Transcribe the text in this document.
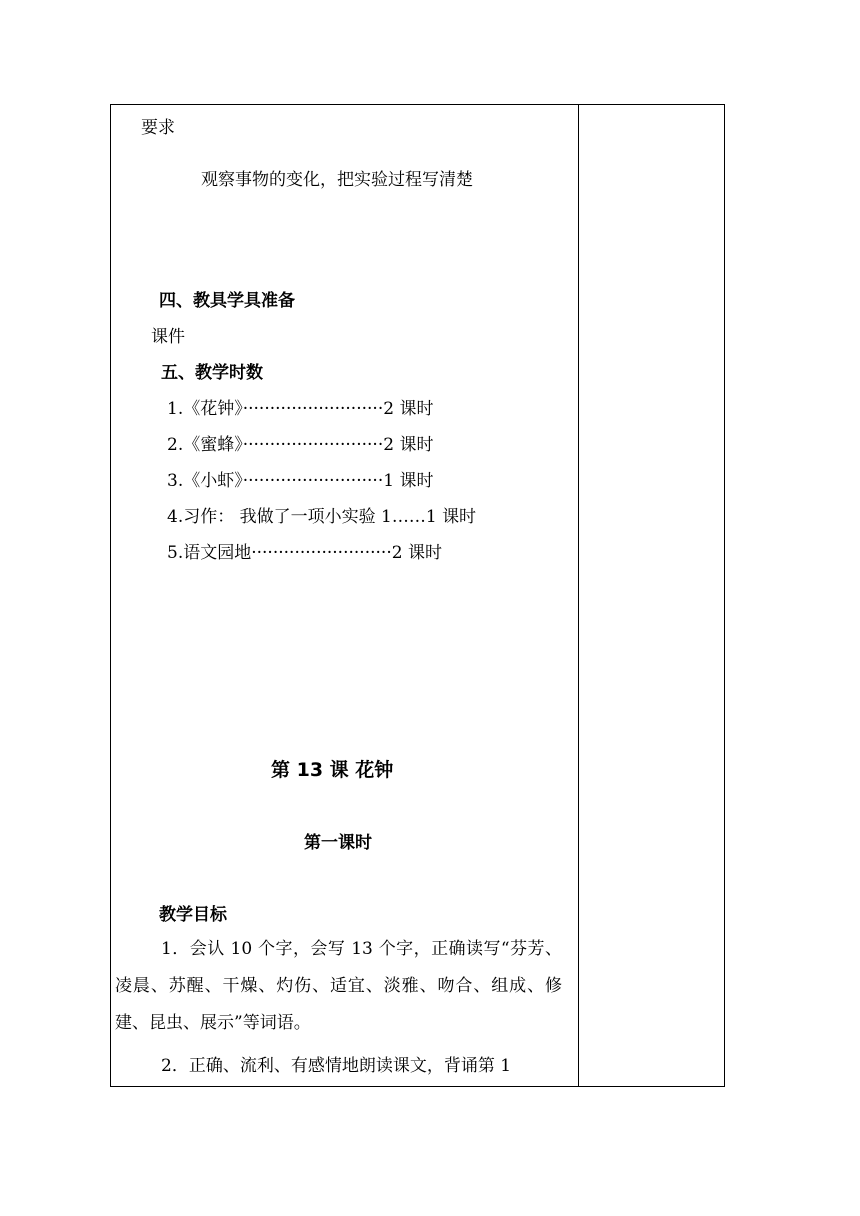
要求
观察事物的变化，把实验过程写清楚
四、教具学具准备
课件
五、教学时数
1.《花钟》··························2 课时
2.《蜜蜂》··························2 课时
3.《小虾》··························1 课时
4.习作： 我做了一项小实验 1……1 课时
5.语文园地··························2 课时
第 13 课 花钟
第一课时
教学目标

1．会认 10 个字，会写 13 个字，正确读写“芬芳、凌晨、苏醒、干燥、灼伤、适宜、淡雅、吻合、组成、修建、昆虫、展示”等词语。

2．正确、流利、有感情地朗读课文，背诵第 1
